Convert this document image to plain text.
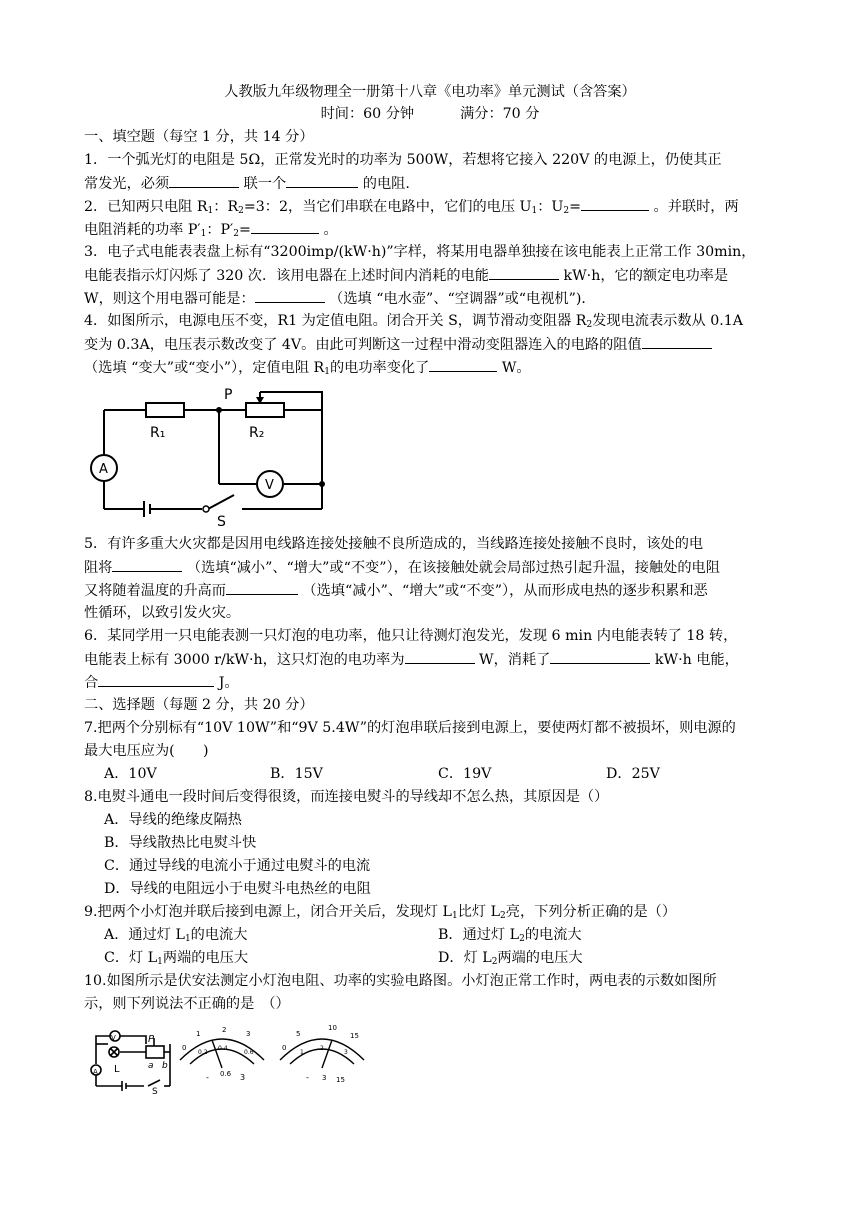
人教版九年级物理全一册第十八章《电功率》单元测试（含答案）
时间：60 分钟	满分：70 分
一、填空题（每空 1 分，共 14 分）
1．一个弧光灯的电阻是 5Ω，正常发光时的功率为 500W，若想将它接入 220V 的电源上，仍使其正
常发光，必须	联一个	的电阻.
2．已知两只电阻 $R_1$：$R_2=3$：2，当它们串联在电路中，它们的电压 $U_1$：$U_2=$	。并联时，两
电阻消耗的功率 $P'_1$：$P'_2=$	。
3．电子式电能表表盘上标有“3200imp/(kW·h)”字样，将某用电器单独接在该电能表上正常工作 30min，
电能表指示灯闪烁了 320 次．该用电器在上述时间内消耗的电能	kW·h，它的额定电功率是
W，则这个用电器可能是：	（选填 “电水壶”、“空调器”或“电视机”)．
4．如图所示，电源电压不变，R1 为定值电阻。闭合开关 S，调节滑动变阻器 $R_2$发现电流表示数从 0.1A
变为 0.3A，电压表示数改变了 4V。由此可判断这一过程中滑动变阻器连入的电路的阻值
（选填 “变大”或“变小”），定值电阻 $R_1$的电功率变化了	W。
P
R₁	R₂
A
V
S
5．有许多重大火灾都是因用电线路连接处接触不良所造成的，当线路连接处接触不良时，该处的电
阻将	（选填“减小”、“增大”或“不变”），在该接触处就会局部过热引起升温，接触处的电阻
又将随着温度的升高而	（选填“减小”、“增大”或“不变”），从而形成电热的逐步积累和恶
性循环，以致引发火灾。
6．某同学用一只电能表测一只灯泡的电功率，他只让待测灯泡发光，发现 6 min 内电能表转了 18 转，
电能表上标有 3000 r/kW·h，这只灯泡的电功率为	W，消耗了	kW·h 电能，
合	J。
二、选择题（每题 2 分，共 20 分）
7.把两个分别标有“10V 10W”和“9V 5.4W”的灯泡串联后接到电源上，要使两灯都不被损坏，则电源的
最大电压应为(　　)
A．10V	B．15V	C．19V	D．25V
8.电熨斗通电一段时间后变得很烫，而连接电熨斗的导线却不怎么热，其原因是（）
A．导线的绝缘皮隔热
B．导线散热比电熨斗快
C．通过导线的电流小于通过电熨斗的电流
D．导线的电阻远小于电熨斗电热丝的电阻
9.把两个小灯泡并联后接到电源上，闭合开关后，发现灯 $L_1$比灯 $L_2$亮，下列分析正确的是（）
A．通过灯 $L_1$的电流大	B．通过灯 $L_2$的电流大
C．灯 $L_1$两端的电压大	D．灯 $L_2$两端的电压大
10.如图所示是伏安法测定小灯泡电阻、功率的实验电路图。小灯泡正常工作时，两电表的示数如图所
示，则下列说法不正确的是　（）
V
L
A
P
a b
S
1	2	3
0
0.2
0.4
0.6
- 0.6 3
5
10
15
0
1
2
3
- 3 15
